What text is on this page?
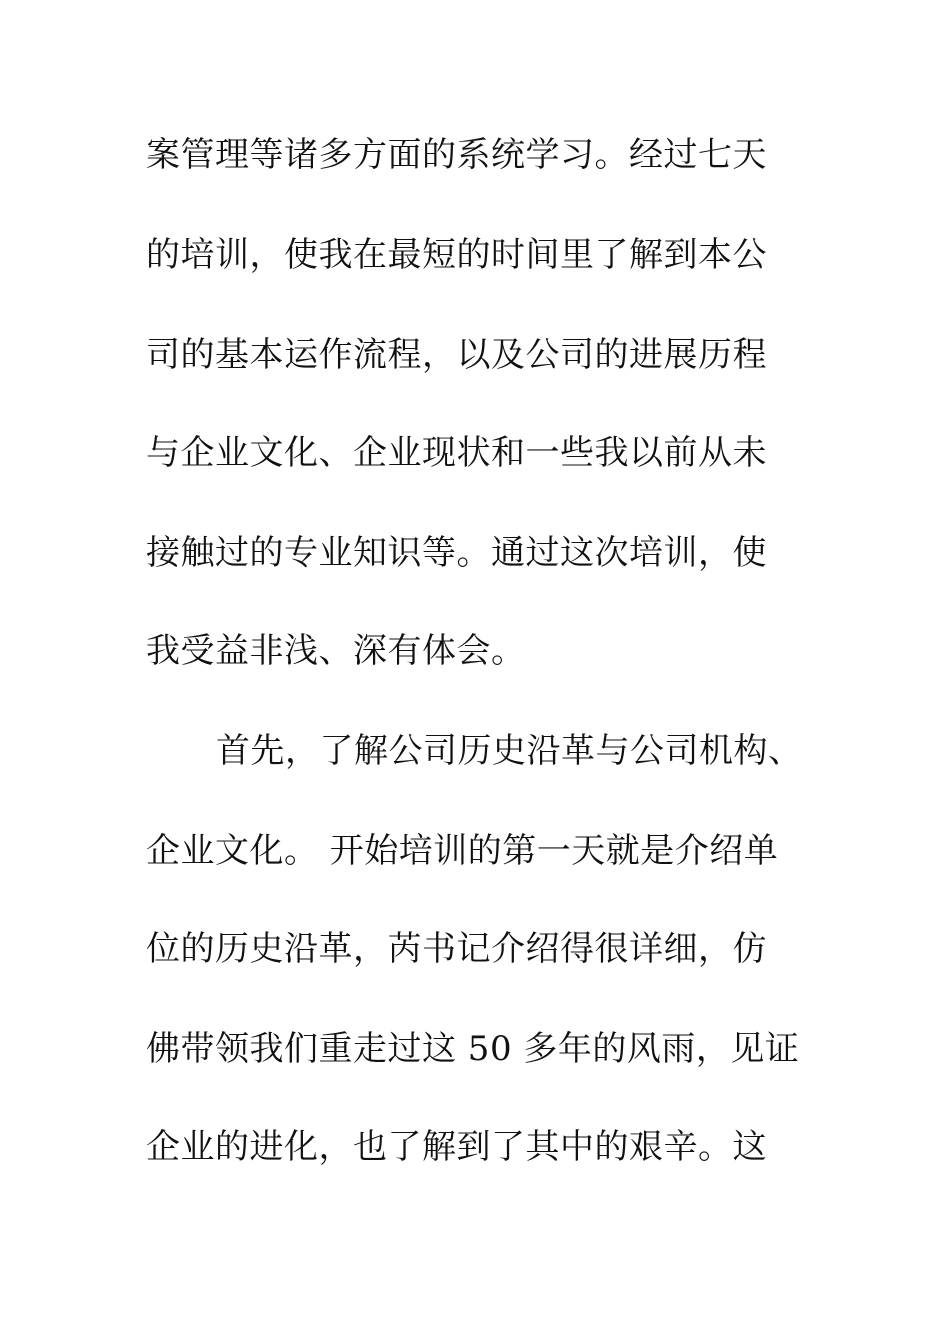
案管理等诸多方面的系统学习。经过七天
的培训，使我在最短的时间里了解到本公
司的基本运作流程，以及公司的进展历程
与企业文化、企业现状和一些我以前从未
接触过的专业知识等。通过这次培训，使
我受益非浅、深有体会。
首先，了解公司历史沿革与公司机构、
企业文化。 开始培训的第一天就是介绍单
位的历史沿革，芮书记介绍得很详细，仿
佛带领我们重走过这 50 多年的风雨，见证
企业的进化，也了解到了其中的艰辛。这
